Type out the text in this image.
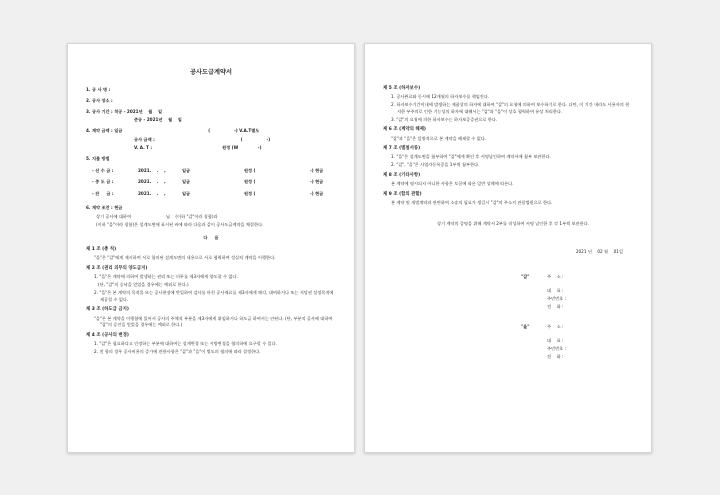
공사도급계약서
1. 공 사 명 :
2. 공사 장소 :
3. 공사 기간 : 착공 - 2021년 　월 　일
준공 - 2021년 　월 　일
4. 계약 금액 : 일금	( 　　　　　 -) V.A.T별도
공사 금액 :	( 　　　　　 -)
V. A. T :	원정 (W 　　　　 -)
5. 지불 방법
- 선 수 금 :	2021. 　. 　,	일금	원정 (	-) 현금
- 중 도 금 :	2021. 　. 　,	일금	원정 (	-) 현금
- 잔 　 금 :	2021. 　. 　,	일금	원정 (	-) 현금
6. 계약 조건 : 현금
상기 공사에 대하여 　　　　　　　　님 　(이하 "갑"이라 칭함)과
(이하 "을"이라 칭함)은 설계도면에 표시된 바에 따라 다음과 같이 공사도급계약을 체결한다.
다 　 음
제 1 조 (총 칙)
"을"은 "갑"에게 제시하여 서로 합의된 설계도면의 내용으로 서로 협력하여 성실히 계약을 이행한다.
제 2 조 (권리 의무의 양도금지)
1. "을"은 계약에 의하여 발생하는 권리 또는 의무를 제3자에게 양도할 수 없다.
(단, "갑"의 승낙을 얻었을 경우에는 예외로 한다.)
2. "을"은 본 계약의 목적물 또는 공사현장에 반입하여 검사를 마친 공사재료를 제3자에게 매각, 대여하거나 또는 저당권 설정목적에 제공할 수 없다.
제 3 조 (하도급 금지)
"을"은 본 계약을 이행함에 있어서 공사의 주체적 부분을 제3자에게 위임하거나 하도급 하여서는 안된다. (단, 부분적 공사에 대하여 "갑"의 승인을 얻었을 경우에는 예외로 한다.)
제 4 조 (공사의 변경)
1. "갑"은 필요하다고 인정하는 부분에 대하여는 설계변경 또는 시방변경을 협의하에 요구할 수 있다.
2. 전 항의 경우 공사비용의 증가에 관한사항은 "갑"과 "을"이 별도의 협의에 따라 결정한다.
제 5 조 (하자보수)
1. 공사완료와 동시에 12개월의 하자보수를 책임진다.
2. 하자보수기간이내에 발생하는 제품상의 하자에 대하여 "갑"의 요청에 의하여 보수하기로 한다. 다만, 이 기간 내라도 사용자의 현저한 부주의로 인한 기능상의 하자에 대해서는 "갑"과 "을"이 상호 협력하여 유상 처리한다.
3. "갑"의 요청에 의한 하자보수는 하자보증증권으로 한다.
제 6 조 (계약의 해제)
"갑"과 "을"은 일방적으로 본 계약을 해제할 수 없다.
제 7 조 (별첨서류)
1. "을"은 설계도면을 첨부하여 "갑"에게 확인 후 서명날인하여 계약서에 첨부 보관한다.
2. "갑", "을"은 사업자등록증을 1부씩 첨부한다.
제 8 조 (기타사항)
본 계약에 명시되지 아니한 사항은 토끌에 따른 일반 상례에 따른다.
제 9 조 (합의 관할)
본 계약 및 개별계약과 관련하여 소송의 필요가 생길시 "갑"의 주소지 관할법원으로 한다.
상기 계약의 증명을 위해 계약서 2부를 작성하여 서명 날인한 후 각 1부씩 보관한다.
2021 년 　02 월 　01일
"갑"	주 　소 :
대 　표 :
주민번호 :
전 　화 :
"을"	주 　소 :
대 　표 :
주민번호 :
전 　화 :
